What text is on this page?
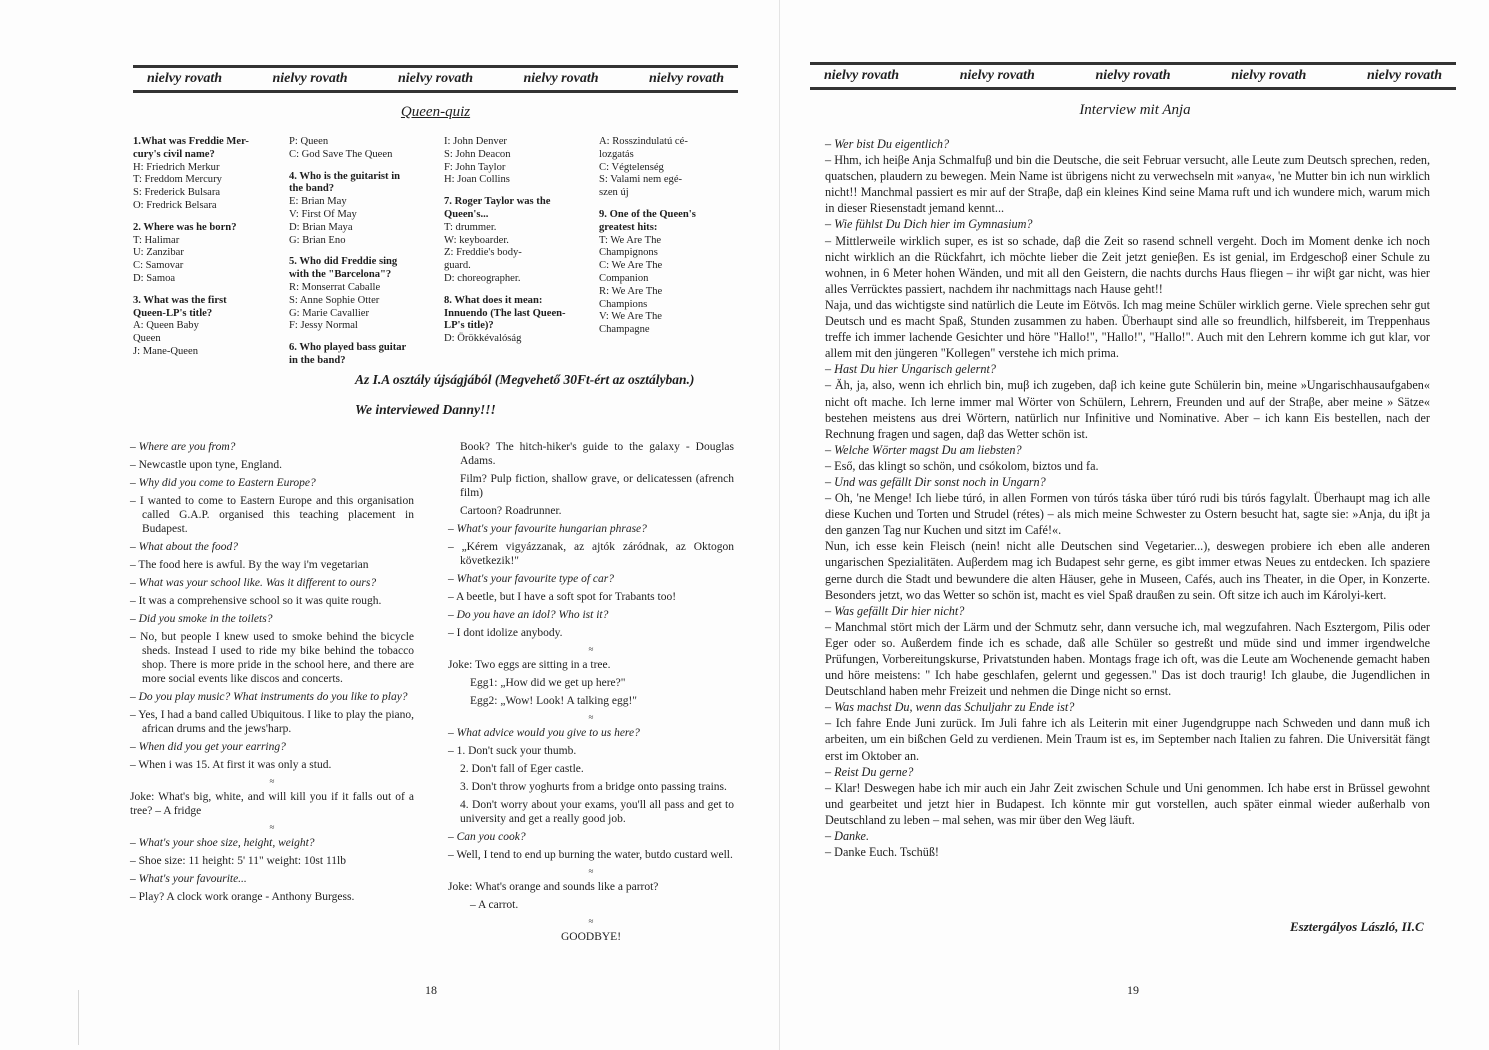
nielvy rovath	nielvy rovath	nielvy rovath	nielvy rovath	nielvy rovath
Queen-quiz
1.What was Freddie Mer-
cury's civil name?
H: Friedrich Merkur
T: Freddom Mercury
S: Frederick Bulsara
O: Fredrick Belsara
2. Where was he born?
T: Halimar
U: Zanzibar
C: Samovar
D: Samoa
3. What was the first
Queen-LP's title?
A: Queen Baby
Queen
J: Mane-Queen
P: Queen
C: God Save The Queen
4. Who is the guitarist in
the band?
E: Brian May
V: First Of May
D: Brian Maya
G: Brian Eno
5. Who did Freddie sing
with the "Barcelona"?
R: Monserrat Caballe
S: Anne Sophie Otter
G: Marie Cavallier
F: Jessy Normal
6. Who played bass guitar
in the band?
I: John Denver
S: John Deacon
F: John Taylor
H: Joan Collins
7. Roger Taylor was the
Queen's...
T: drummer.
W: keyboarder.
Z: Freddie's body-
guard.
D: choreographer.
8. What does it mean:
Innuendo (The last Queen-
LP's title)?
D: Örökkévalóság
A: Rosszindulatú cé-
lozgatás
C: Végtelenség
S: Valami nem egé-
szen új
9. One of the Queen's
greatest hits:
T: We Are The
Champignons
C: We Are The
Companion
R: We Are The
Champions
V: We Are The
Champagne
Az I.A osztály újságjából (Megvehető 30Ft-ért az osztályban.)
We interviewed Danny!!!

– Where are you from?

– Newcastle upon tyne, England.

– Why did you come to Eastern Europe?

– I wanted to come to Eastern Europe and this organisation called G.A.P. organised this teaching placement in Budapest.

– What about the food?

– The food here is awful. By the way i'm vegetarian

– What was your school like. Was it different to ours?

– It was a comprehensive school so it was quite rough.

– Did you smoke in the toilets?

– No, but people I knew used to smoke behind the bicycle sheds. Instead I used to ride my bike behind the tobacco shop. There is more pride in the school here, and there are more social events like discos and concerts.

– Do you play music? What instruments do you like to play?

– Yes, I had a band called Ubiquitous. I like to play the piano, african drums and the jews'harp.

– When did you get your earring?

– When i was 15. At first it was only a stud.

≈

Joke: What's big, white, and will kill you if it falls out of a tree? – A fridge

≈

– What's your shoe size, height, weight?

– Shoe size: 11 height: 5' 11" weight: 10st 11lb

– What's your favourite...

– Play? A clock work orange - Anthony Burgess.

Book? The hitch-hiker's guide to the galaxy - Douglas Adams.

Film? Pulp fiction, shallow grave, or delicatessen (afrench film)

Cartoon? Roadrunner.

– What's your favourite hungarian phrase?

– „Kérem vigyázzanak, az ajtók záródnak, az Oktogon következik!"

– What's your favourite type of car?

– A beetle, but I have a soft spot for Trabants too!

– Do you have an idol? Who ist it?

– I dont idolize anybody.

≈

Joke: Two eggs are sitting in a tree.

Egg1: „How did we get up here?"

Egg2: „Wow! Look! A talking egg!"

≈

– What advice would you give to us here?

– 1. Don't suck your thumb.

2. Don't fall of Eger castle.

3. Don't throw yoghurts from a bridge onto passing trains.

4. Don't worry about your exams, you'll all pass and get to university and get a really good job.

– Can you cook?

– Well, I tend to end up burning the water, butdo custard well.

≈

Joke: What's orange and sounds like a parrot?

– A carrot.

≈

GOODBYE!

18
nielvy rovath	nielvy rovath	nielvy rovath	nielvy rovath	nielvy rovath
Interview mit Anja

– Wer bist Du eigentlich?

– Hhm, ich heiβe Anja Schmalfuβ und bin die Deutsche, die seit Februar versucht, alle Leute zum Deutsch sprechen, reden, quatschen, plaudern zu bewegen. Mein Name ist übrigens nicht zu verwechseln mit »anya«, 'ne Mutter bin ich nun wirklich nicht!! Manchmal passiert es mir auf der Straβe, daβ ein kleines Kind seine Mama ruft und ich wundere mich, warum mich in dieser Riesenstadt jemand kennt...

– Wie fühlst Du Dich hier im Gymnasium?

– Mittlerweile wirklich super, es ist so schade, daβ die Zeit so rasend schnell vergeht. Doch im Moment denke ich noch nicht wirklich an die Rückfahrt, ich möchte lieber die Zeit jetzt genieβen. Es ist genial, im Erdgeschoβ einer Schule zu wohnen, in 6 Meter hohen Wänden, und mit all den Geistern, die nachts durchs Haus fliegen – ihr wiβt gar nicht, was hier alles Verrücktes passiert, nachdem ihr nachmittags nach Hause geht!!

Naja, und das wichtigste sind natürlich die Leute im Eötvös. Ich mag meine Schüler wirklich gerne. Viele sprechen sehr gut Deutsch und es macht Spaß, Stunden zusammen zu haben. Überhaupt sind alle so freundlich, hilfsbereit, im Treppenhaus treffe ich immer lachende Gesichter und höre "Hallo!", "Hallo!", "Hallo!". Auch mit den Lehrern komme ich gut klar, vor allem mit den jüngeren "Kollegen" verstehe ich mich prima.

– Hast Du hier Ungarisch gelernt?

– Äh, ja, also, wenn ich ehrlich bin, muβ ich zugeben, daβ ich keine gute Schülerin bin, meine »Ungarischhausaufgaben« nicht oft mache. Ich lerne immer mal Wörter von Schülern, Lehrern, Freunden und auf der Straβe, aber meine » Sätze« bestehen meistens aus drei Wörtern, natürlich nur Infinitive und Nominative. Aber – ich kann Eis bestellen, nach der Rechnung fragen und sagen, daβ das Wetter schön ist.

– Welche Wörter magst Du am liebsten?

– Eső, das klingt so schön, und csókolom, biztos und fa.

– Und was gefällt Dir sonst noch in Ungarn?

– Oh, 'ne Menge! Ich liebe túró, in allen Formen von túrós táska über túró rudi bis túrós fagylalt. Überhaupt mag ich alle diese Kuchen und Torten und Strudel (rétes) – als mich meine Schwester zu Ostern besucht hat, sagte sie: »Anja, du iβt ja den ganzen Tag nur Kuchen und sitzt im Café!«.

Nun, ich esse kein Fleisch (nein! nicht alle Deutschen sind Vegetarier...), deswegen probiere ich eben alle anderen ungarischen Spezialitäten. Auβerdem mag ich Budapest sehr gerne, es gibt immer etwas Neues zu entdecken. Ich spaziere gerne durch die Stadt und bewundere die alten Häuser, gehe in Museen, Cafés, auch ins Theater, in die Oper, in Konzerte. Besonders jetzt, wo das Wetter so schön ist, macht es viel Spaß draußen zu sein. Oft sitze ich auch im Károlyi-kert.

– Was gefällt Dir hier nicht?

– Manchmal stört mich der Lärm und der Schmutz sehr, dann versuche ich, mal wegzufahren. Nach Esztergom, Pilis oder Eger oder so. Außerdem finde ich es schade, daß alle Schüler so gestreßt und müde sind und immer irgendwelche Prüfungen, Vorbereitungskurse, Privatstunden haben. Montags frage ich oft, was die Leute am Wochenende gemacht haben und höre meistens: " Ich habe geschlafen, gelernt und gegessen." Das ist doch traurig! Ich glaube, die Jugendlichen in Deutschland haben mehr Freizeit und nehmen die Dinge nicht so ernst.

– Was machst Du, wenn das Schuljahr zu Ende ist?

– Ich fahre Ende Juni zurück. Im Juli fahre ich als Leiterin mit einer Jugendgruppe nach Schweden und dann muß ich arbeiten, um ein bißchen Geld zu verdienen. Mein Traum ist es, im September nach Italien zu fahren. Die Universität fängt erst im Oktober an.

– Reist Du gerne?

– Klar! Deswegen habe ich mir auch ein Jahr Zeit zwischen Schule und Uni genommen. Ich habe erst in Brüssel gewohnt und gearbeitet und jetzt hier in Budapest. Ich könnte mir gut vorstellen, auch später einmal wieder außerhalb von Deutschland zu leben – mal sehen, was mir über den Weg läuft.

– Danke.

– Danke Euch. Tschüß!

Esztergályos László, II.C
19
